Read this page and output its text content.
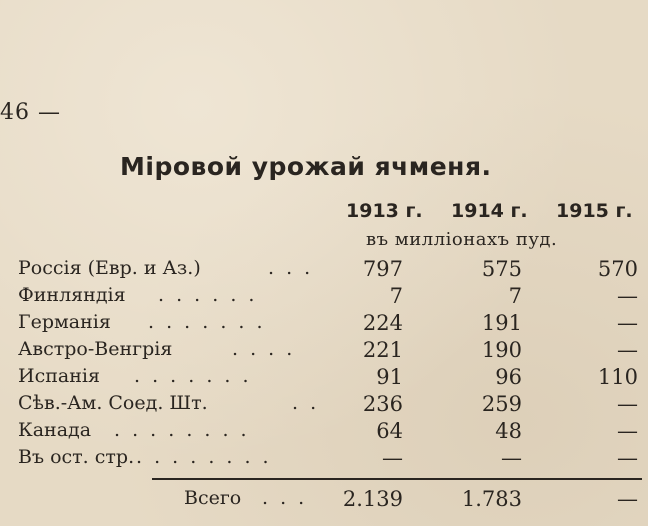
46 —
Міровой урожай ячменя.
1913 г. 1914 г. 1915 г.
въ милліонахъ пуд.
Россія (Евр. и Аз.)	. . . 797	575	570
Финляндія . . . . . .	7	7	—
Германія . . . . . . .	224	191	—
Австро-Венгрія	. . . .	221	190	—
Испанія . . . . . . .	91	96	110
Сѣв.-Ам. Соед. Шт.	. . 236	259	—
Канада . . . . . . . .	64	48	—
Въ ост. стр. . . . . . . . .	—	—	—
Всего . . . 2.139	1.783	—
